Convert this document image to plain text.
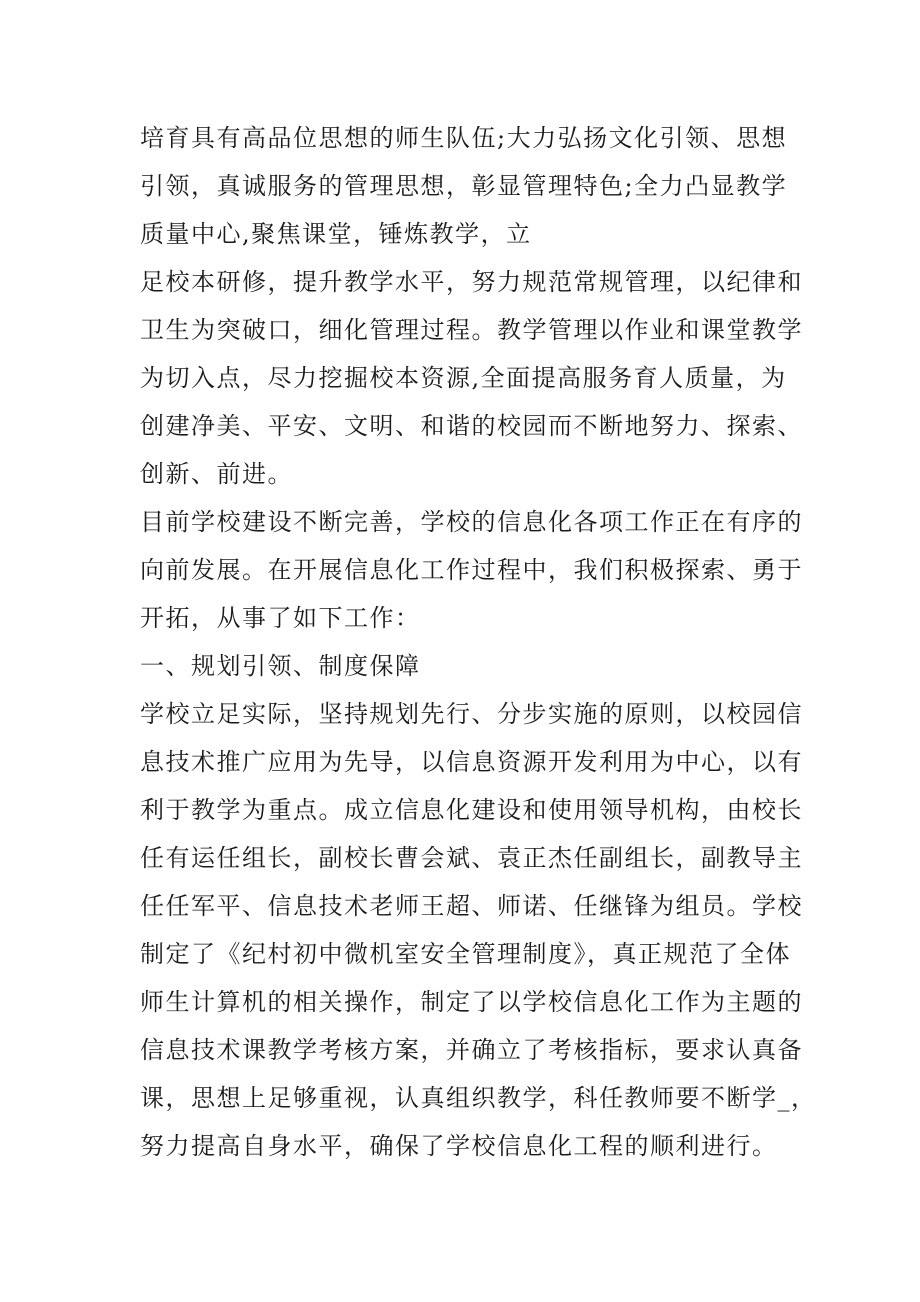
培育具有高品位思想的师生队伍;大力弘扬文化引领、思想
引领，真诚服务的管理思想，彰显管理特色;全力凸显教学
质量中心,聚焦课堂，锤炼教学，立
足校本研修，提升教学水平，努力规范常规管理，以纪律和
卫生为突破口，细化管理过程。教学管理以作业和课堂教学
为切入点，尽力挖掘校本资源,全面提高服务育人质量，为
创建净美、平安、文明、和谐的校园而不断地努力、探索、
创新、前进。
目前学校建设不断完善，学校的信息化各项工作正在有序的
向前发展。在开展信息化工作过程中，我们积极探索、勇于
开拓，从事了如下工作：
一、规划引领、制度保障
学校立足实际，坚持规划先行、分步实施的原则，以校园信
息技术推广应用为先导，以信息资源开发利用为中心，以有
利于教学为重点。成立信息化建设和使用领导机构，由校长
任有运任组长，副校长曹会斌、袁正杰任副组长，副教导主
任任军平、信息技术老师王超、师诺、任继锋为组员。学校
制定了《纪村初中微机室安全管理制度》，真正规范了全体
师生计算机的相关操作，制定了以学校信息化工作为主题的
信息技术课教学考核方案，并确立了考核指标，要求认真备
课，思想上足够重视，认真组织教学，科任教师要不断学_，
努力提高自身水平，确保了学校信息化工程的顺利进行。
